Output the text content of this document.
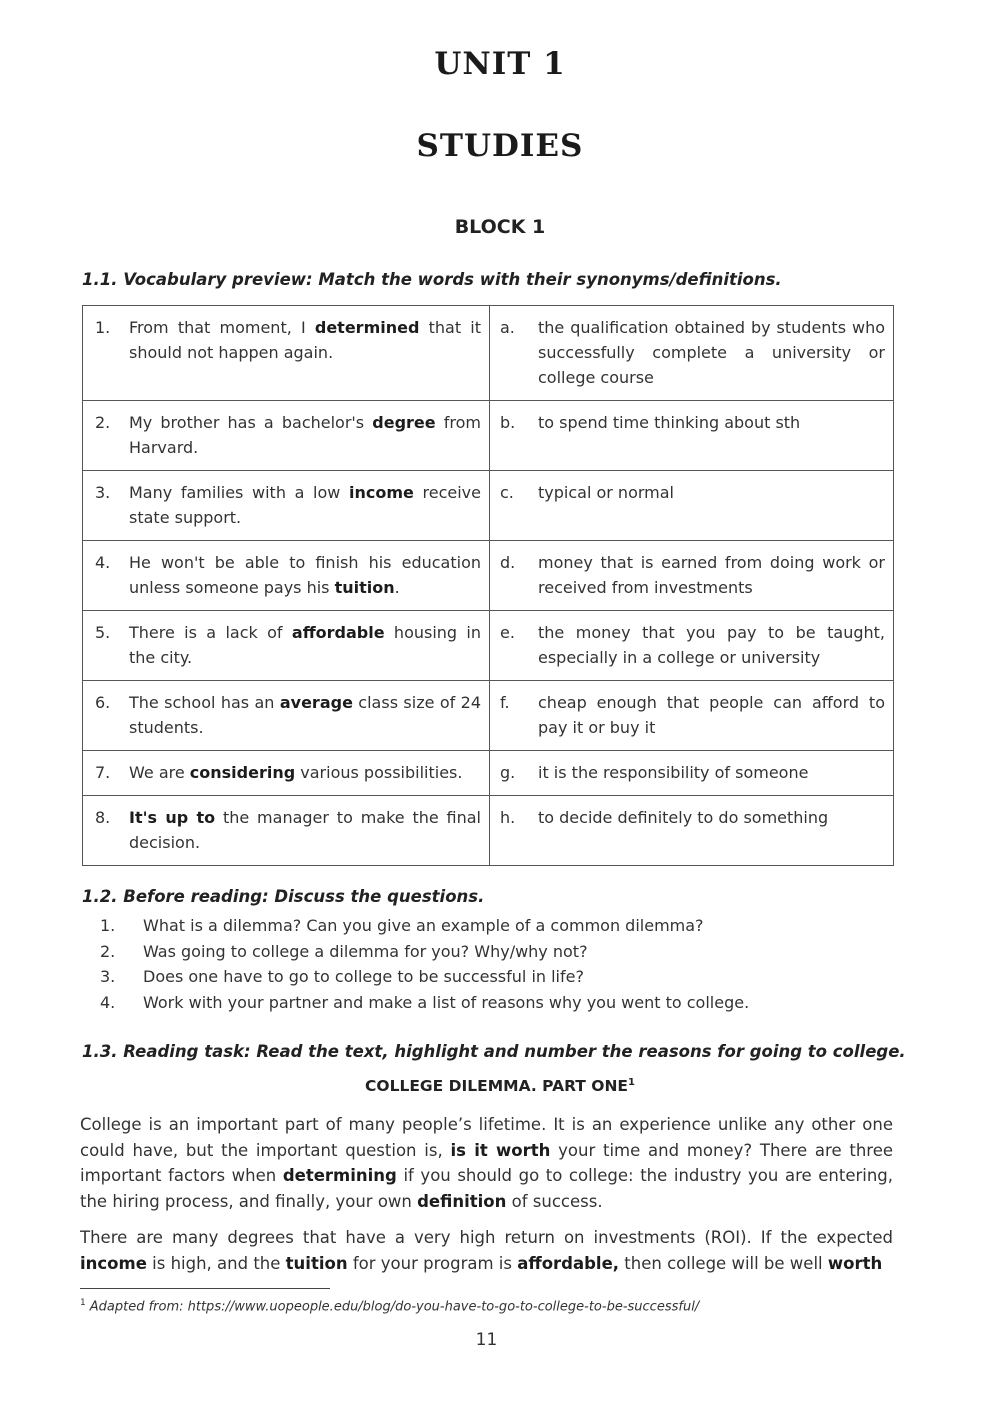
UNIT 1
STUDIES
BLOCK 1
1.1. Vocabulary preview: Match the words with their synonyms/definitions.
1. From that moment, I determined that it should not happen again.	a. the qualification obtained by students who successfully complete a university or college course

2. My brother has a bachelor's degree from Harvard.	b. to spend time thinking about sth

3. Many families with a low income receive state support.	c. typical or normal

4. He won't be able to finish his education unless someone pays his tuition.	d. money that is earned from doing work or received from investments

5. There is a lack of affordable housing in the city.	e. the money that you pay to be taught, especially in a college or university

6. The school has an average class size of 24 students.	f. cheap enough that people can afford to pay it or buy it

7. We are considering various possibilities.	g. it is the responsibility of someone

8. It's up to the manager to make the final decision.	h. to decide definitely to do something
1.2. Before reading: Discuss the questions.
1.	What is a dilemma? Can you give an example of a common dilemma?
2.	Was going to college a dilemma for you? Why/why not?
3.	Does one have to go to college to be successful in life?
4.	Work with your partner and make a list of reasons why you went to college.
1.3. Reading task: Read the text, highlight and number the reasons for going to college.
COLLEGE DILEMMA. PART ONE$^1$

College is an important part of many people’s lifetime. It is an experience unlike any other one could have, but the important question is, is it worth your time and money? There are three important factors when determining if you should go to college: the industry you are entering, the hiring process, and finally, your own definition of success.

There are many degrees that have a very high return on investments (ROI). If the expected income is high, and the tuition for your program is affordable, then college will be well worth

$^1$ Adapted from: https://www.uopeople.edu/blog/do-you-have-to-go-to-college-to-be-successful/
11
